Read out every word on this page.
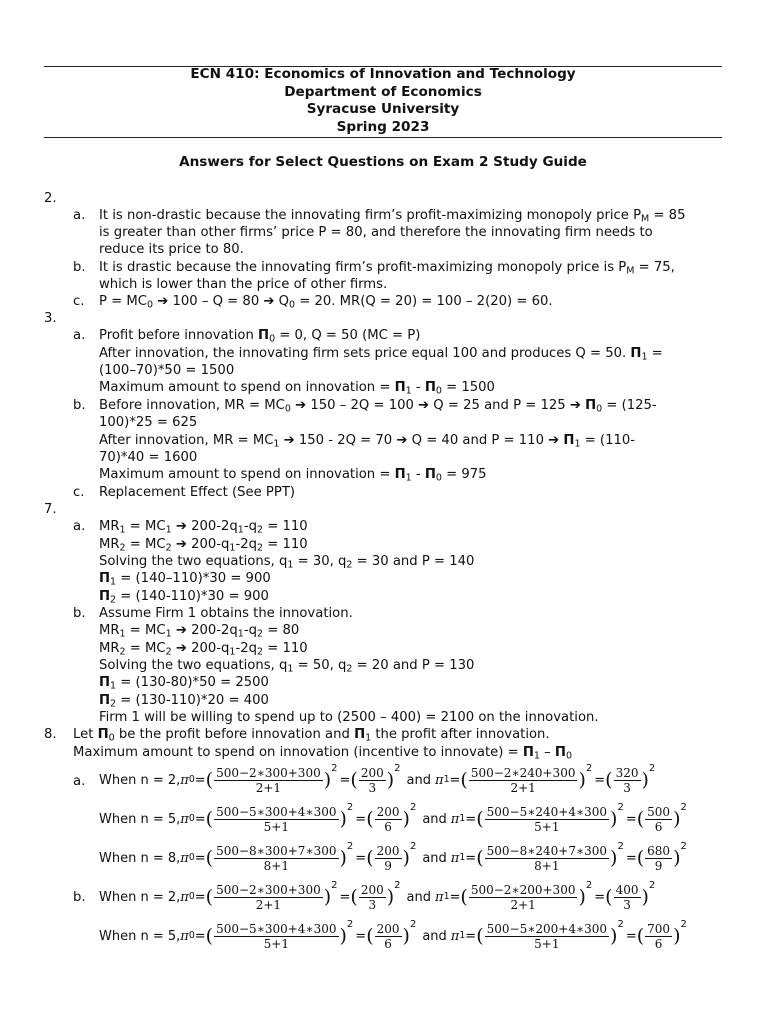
ECN 410: Economics of Innovation and Technology
Department of Economics
Syracuse University
Spring 2023
Answers for Select Questions on Exam 2 Study Guide
2.
a. It is non-drastic because the innovating firm’s profit-maximizing monopoly price $P_M = 85$
is greater than other firms’ price P = 80, and therefore the innovating firm needs to
reduce its price to 80.
b. It is drastic because the innovating firm’s profit-maximizing monopoly price is $P_M = 75$,
which is lower than the price of other firms.
c. $P = MC_0$ ➔ 100 – Q = 80 ➔ $Q_0 = 20$. MR(Q = 20) = 100 – 2(20) = 60.
3.
a. Profit before innovation $\Pi_0 = 0$, Q = 50 (MC = P)
After innovation, the innovating firm sets price equal 100 and produces Q = 50. $\Pi_1$ =
(100–70)*50 = 1500
Maximum amount to spend on innovation = $\Pi_1 - \Pi_0 = 1500$
b. Before innovation, MR = $MC_0$ ➔ 150 – 2Q = 100 ➔ Q = 25 and P = 125 ➔ $\Pi_0 = (125-$
100)*25 = 625
After innovation, MR = $MC_1$ ➔ 150 - 2Q = 70 ➔ Q = 40 and P = 110 ➔ $\Pi_1 = (110-$
70)*40 = 1600
Maximum amount to spend on innovation = $\Pi_1 - \Pi_0 = 975$
c. Replacement Effect (See PPT)
7.
a. $MR_1 = MC_1$ ➔ $200-2q_1-q_2 = 110$
$MR_2 = MC_2$ ➔ $200-q_1-2q_2 = 110$
Solving the two equations, $q_1 = 30$, $q_2 = 30$ and P = 140
$\Pi_1 = (140-110)*30 = 900$
$\Pi_2 = (140-110)*30 = 900$
b. Assume Firm 1 obtains the innovation.
$MR_1 = MC_1$ ➔ $200-2q_1-q_2 = 80$
$MR_2 = MC_2$ ➔ $200-q_1-2q_2 = 110$
Solving the two equations, $q_1 = 50$, $q_2 = 20$ and P = 130
$\Pi_1 = (130-80)*50 = 2500$
$\Pi_2 = (130-110)*20 = 400$
Firm 1 will be willing to spend up to (2500 – 400) = 2100 on the innovation.
8. Let $\Pi_0$ be the profit before innovation and $\Pi_1$ the profit after innovation.
Maximum amount to spend on innovation (incentive to innovate) = $\Pi_1 - \Pi_0$
a.
b.
When n = 2, π 0 = ( $\frac{500-2∗300+300}{2+1}$ )
2
= ( $\frac{200}{3}$ )
2
and π 1 = ( $\frac{500-2∗240+300}{2+1}$ )
2
= ( $\frac{320}{3}$ )
2
When n = 5, π 0 = ( $\frac{500-5∗300+4∗300}{5+1}$ )
2
= ( $\frac{200}{6}$ )
2
and π 1 = ( $\frac{500-5∗240+4∗300}{5+1}$ )
2
= ( $\frac{500}{6}$ )
2
When n = 8, π 0 = ( $\frac{500-8∗300+7∗300}{8+1}$ )
2
= ( $\frac{200}{9}$ )
2
and π 1 = ( $\frac{500-8∗240+7∗300}{8+1}$ )
2
= ( $\frac{680}{9}$ )
2
When n = 2, π 0 = ( $\frac{500-2∗300+300}{2+1}$ )
2
= ( $\frac{200}{3}$ )
2
and π 1 = ( $\frac{500-2∗200+300}{2+1}$ )
2
= ( $\frac{400}{3}$ )
2
When n = 5, π 0 = ( $\frac{500-5∗300+4∗300}{5+1}$ )
2
= ( $\frac{200}{6}$ )
2
and π 1 = ( $\frac{500-5∗200+4∗300}{5+1}$ )
2
= ( $\frac{700}{6}$ )
2
